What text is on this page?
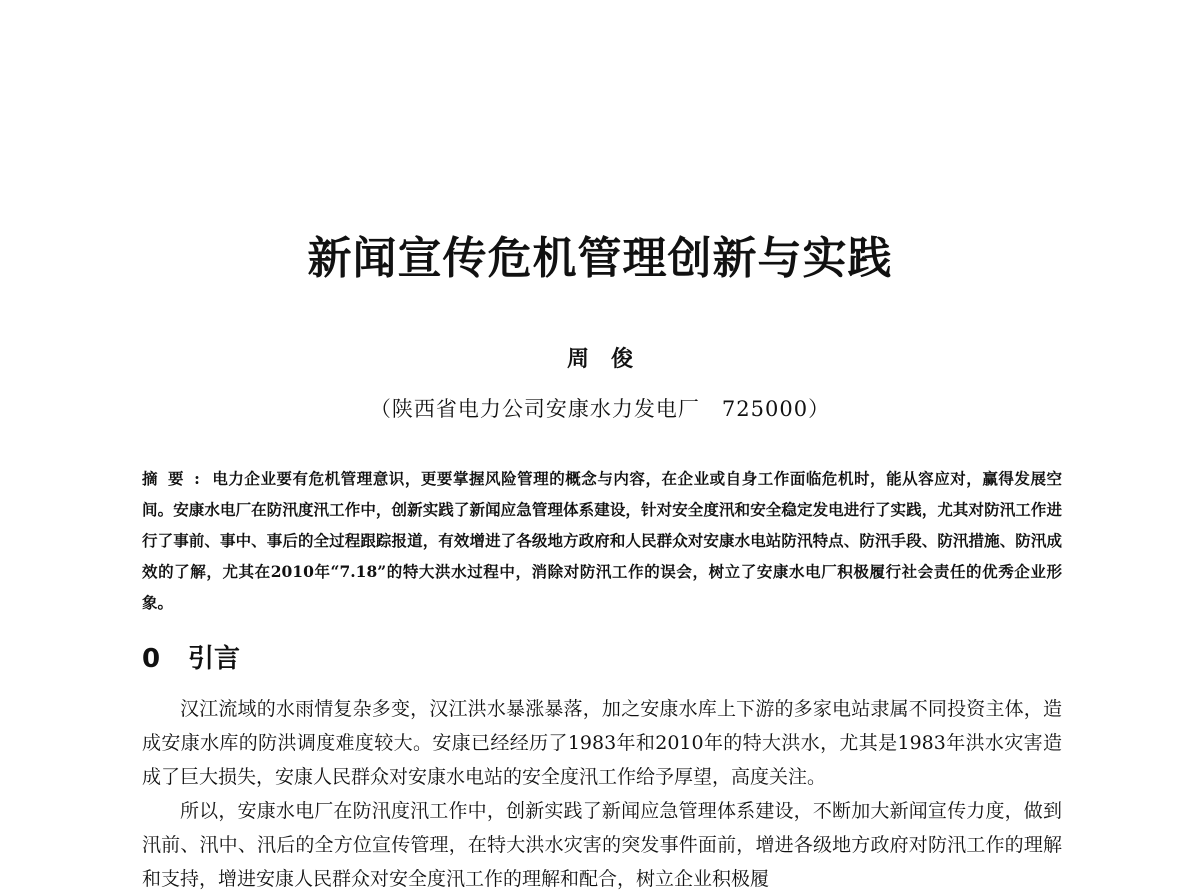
新闻宣传危机管理创新与实践
周俊
（陕西省电力公司安康水力发电厂　725000）
摘要: 电力企业要有危机管理意识，更要掌握风险管理的概念与内容，在企业或自身工作面临危机时，能从容应对，赢得发展空间。安康水电厂在防汛度汛工作中，创新实践了新闻应急管理体系建设，针对安全度汛和安全稳定发电进行了实践，尤其对防汛工作进行了事前、事中、事后的全过程跟踪报道，有效增进了各级地方政府和人民群众对安康水电站防汛特点、防汛手段、防汛措施、防汛成效的了解，尤其在2010年“7.18”的特大洪水过程中，消除对防汛工作的误会，树立了安康水电厂积极履行社会责任的优秀企业形象。
0 引言

汉江流域的水雨情复杂多变，汉江洪水暴涨暴落，加之安康水库上下游的多家电站隶属不同投资主体，造成安康水库的防洪调度难度较大。安康已经经历了1983年和2010年的特大洪水，尤其是1983年洪水灾害造成了巨大损失，安康人民群众对安康水电站的安全度汛工作给予厚望，高度关注。

所以，安康水电厂在防汛度汛工作中，创新实践了新闻应急管理体系建设，不断加大新闻宣传力度，做到汛前、汛中、汛后的全方位宣传管理，在特大洪水灾害的突发事件面前，增进各级地方政府对防汛工作的理解和支持，增进安康人民群众对安全度汛工作的理解和配合，树立企业积极履
